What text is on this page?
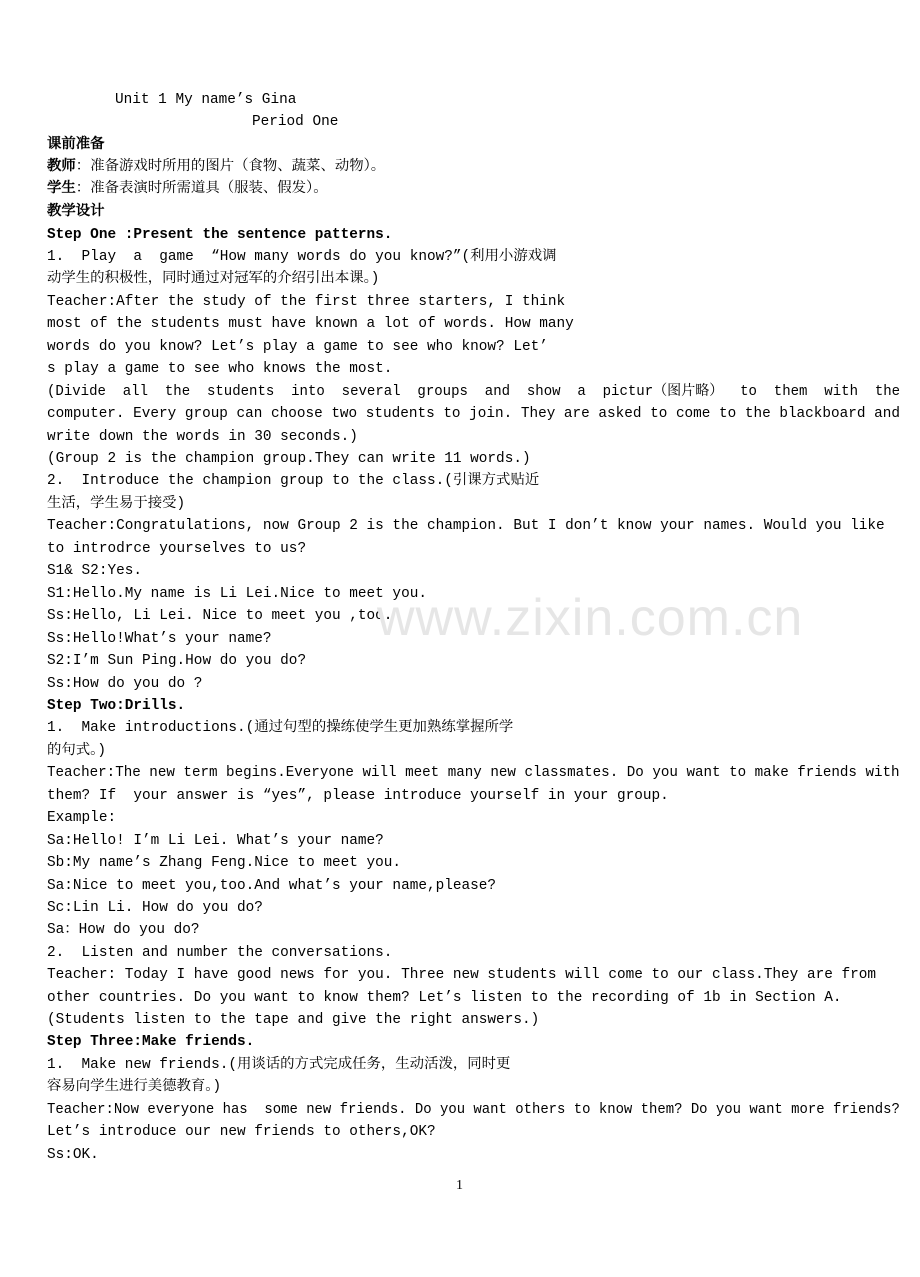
Unit 1 My name’s Gina
Period One
课前准备
教师：准备游戏时所用的图片（食物、蔬菜、动物）。
学生：准备表演时所需道具（服装、假发）。
教学设计
Step One :Present the sentence patterns.
1.  Play  a  game  “How many words do you know?”(利用小游戏调
动学生的积极性，同时通过对冠军的介绍引出本课。)
Teacher:After the study of the first three starters, I think
most of the students must have known a lot of words. How many
words do you know? Let’s play a game to see who know? Let’
s play a game to see who knows the most.
(Divide  all  the  students  into  several  groups  and  show  a  pictur（图片略）  to  them  with  the
computer. Every group can choose two students to join. They are asked to come to the blackboard and
write down the words in 30 seconds.)
(Group 2 is the champion group.They can write 11 words.)
2.  Introduce the champion group to the class.(引课方式贴近
生活，学生易于接受)
Teacher:Congratulations, now Group 2 is the champion. But I don’t know your names. Would you like
to introdrce yourselves to us?
S1& S2:Yes.
S1:Hello.My name is Li Lei.Nice to meet you.
Ss:Hello, Li Lei. Nice to meet you ,too.
Ss:Hello!What’s your name?
S2:I’m Sun Ping.How do you do?
Ss:How do you do ?
Step Two:Drills.
1.  Make introductions.(通过句型的操练使学生更加熟练掌握所学
的句式。)
Teacher:The new term begins.Everyone will meet many new classmates. Do you want to make friends with
them? If  your answer is “yes”, please introduce yourself in your group.
Example:
Sa:Hello! I’m Li Lei. What’s your name?
Sb:My name’s Zhang Feng.Nice to meet you.
Sa:Nice to meet you,too.And what’s your name,please?
Sc:Lin Li. How do you do?
Sa：How do you do?
2.  Listen and number the conversations.
Teacher: Today I have good news for you. Three new students will come to our class.They are from
other countries. Do you want to know them? Let’s listen to the recording of 1b in Section A.
(Students listen to the tape and give the right answers.)
Step Three:Make friends.
1.  Make new friends.(用谈话的方式完成任务，生动活泼，同时更
容易向学生进行美德教育。)
Teacher:Now everyone has  some new friends. Do you want others to know them? Do you want more friends?
Let’s introduce our new friends to others,OK?
Ss:OK.
www.zixin.com.cn
1
